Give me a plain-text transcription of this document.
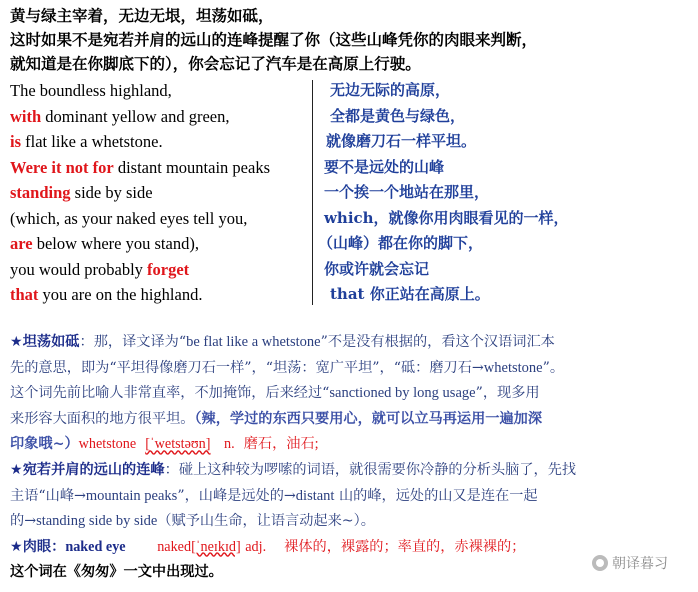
黄与绿主宰着，无边无垠，坦荡如砥，
这时如果不是宛若并肩的远山的连峰提醒了你（这些山峰凭你的肉眼来判断，
就知道是在你脚底下的），你会忘记了汽车是在高原上行驶。
The boundless highland,	无边无际的高原，
with dominant yellow and green,	全都是黄色与绿色，
is flat like a whetstone.	就像磨刀石一样平坦。
Were it not for distant mountain peaks	要不是远处的山峰
standing side by side	一个挨一个地站在那里，
(which, as your naked eyes tell you,	which，就像你用肉眼看见的一样，
are below where you stand),	（山峰）都在你的脚下，
you would probably forget	你或许就会忘记
that you are on the highland.	that 你正站在高原上。
★坦荡如砥：那，译文译为“be flat like a whetstone”不是没有根据的，看这个汉语词汇本
先的意思，即为“平坦得像磨刀石一样”，“坦荡：宽广平坦”，“砥：磨刀石→whetstone”。
这个词先前比喻人非常直率，不加掩饰，后来经过“sanctioned by long usage”，现多用
来形容大面积的地方很平坦。（辣，学过的东西只要用心，就可以立马再运用一遍加深
印象哦~）whetstone [ˈwetstəʊn] n. 磨石，油石;
★宛若并肩的远山的连峰：碰上这种较为啰嗦的词语，就很需要你冷静的分析头脑了，先找
主语“山峰→mountain peaks”，山峰是远处的→distant 山的峰，远处的山又是连在一起
的→standing side by side（赋予山生命，让语言动起来~）。
★肉眼：naked eye naked[ˈneɪkɪd] adj. 裸体的，裸露的；率直的，赤裸裸的；
这个词在《匆匆》一文中出现过。
朝译暮习
